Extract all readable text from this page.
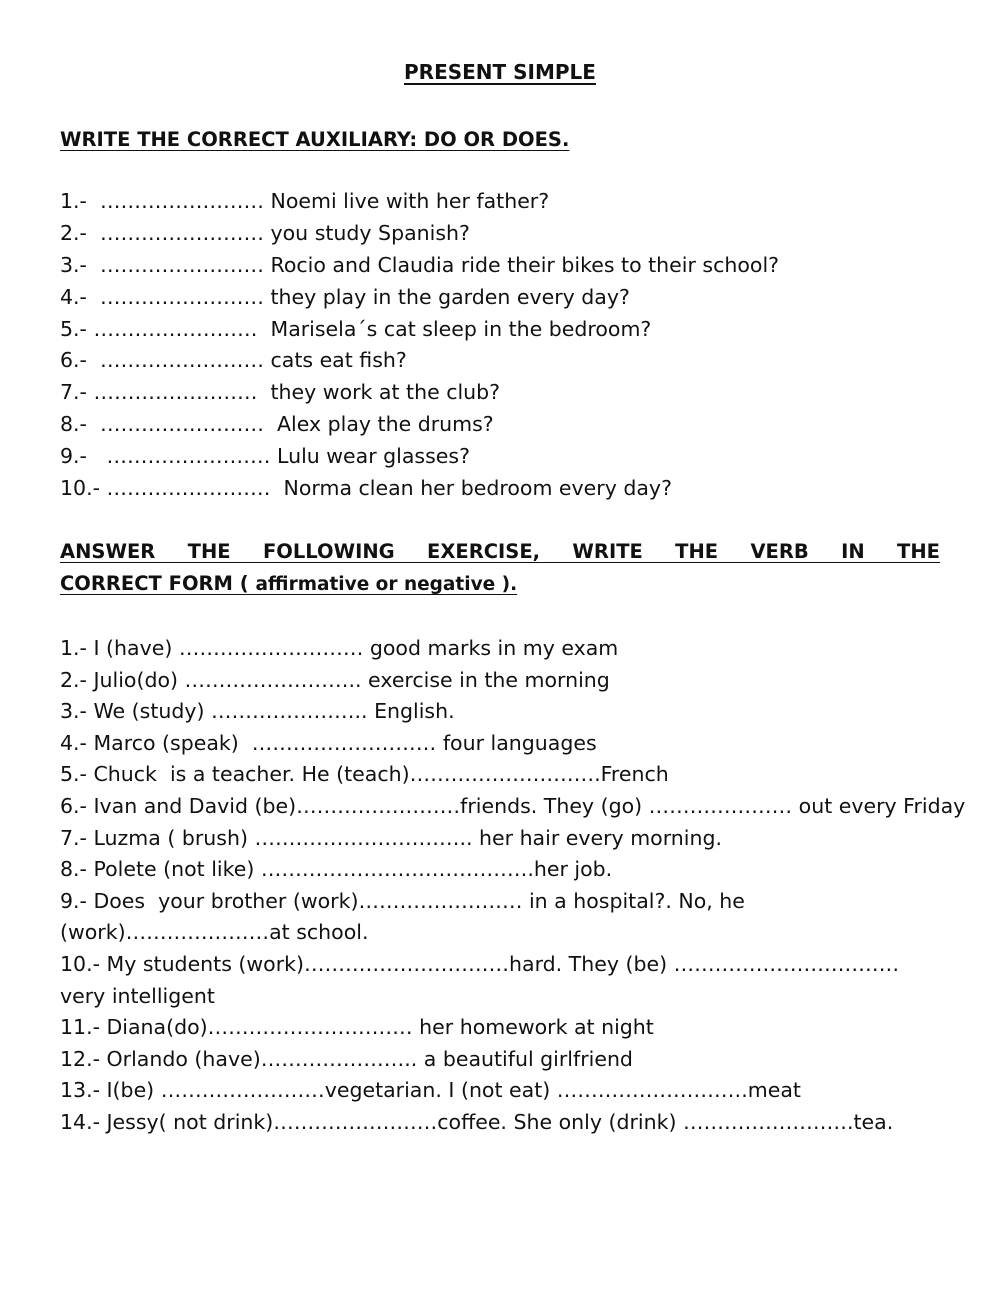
PRESENT SIMPLE
WRITE THE CORRECT AUXILIARY: DO OR DOES.
1.-  …………………… Noemi live with her father?
2.-  …………………… you study Spanish?
3.-  …………………… Rocio and Claudia ride their bikes to their school?
4.-  …………………… they play in the garden every day?
5.- ……………………  Marisela´s cat sleep in the bedroom?
6.-  …………………… cats eat fish?
7.- ……………………  they work at the club?
8.-  ……………………  Alex play the drums?
9.-   …………………… Lulu wear glasses?
10.- ……………………  Norma clean her bedroom every day?
ANSWER THE FOLLOWING EXERCISE, WRITE THE VERB IN THE
CORRECT FORM ( affirmative or negative ).
1.- I (have) ……………………… good marks in my exam
2.- Julio(do) …………………….. exercise in the morning
3.- We (study) ………………….. English.
4.- Marco (speak)  ……………………… four languages
5.- Chuck  is a teacher. He (teach)……………………….French
6.- Ivan and David (be)……………………friends. They (go) ………………… out every Friday
7.- Luzma ( brush) ………………………….. her hair every morning.
8.- Polete (not like) ………………………………….her job.
9.- Does  your brother (work)…………………… in a hospital?. No, he (work)…………………at school.
10.- My students (work)…………………………hard. They (be) ……………………………very intelligent
11.- Diana(do)………………………… her homework at night
12.- Orlando (have)………………….. a beautiful girlfriend
13.- I(be) ……………………vegetarian. I (not eat) ……………………….meat
14.- Jessy( not drink)……………………coffee. She only (drink) …………………….tea.
